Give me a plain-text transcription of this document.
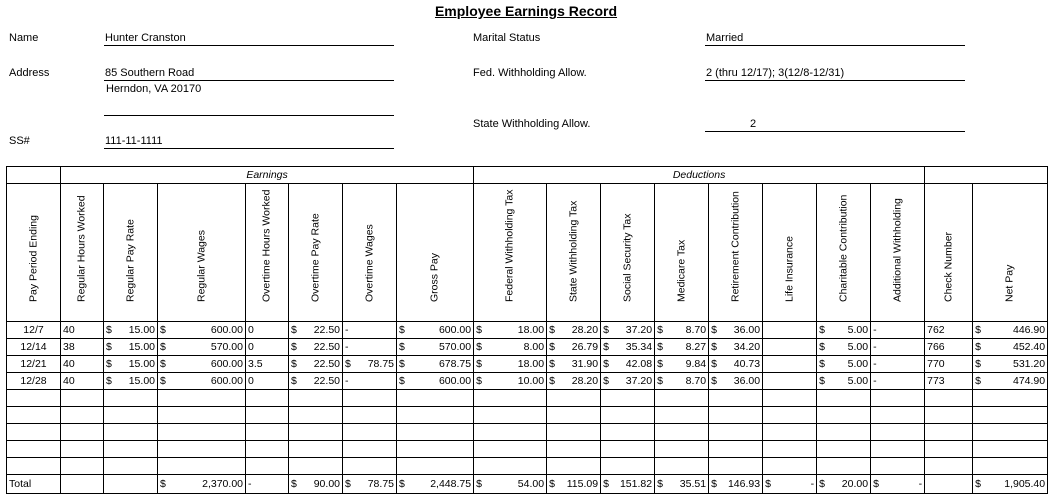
Employee Earnings Record
Name	Hunter Cranston
Address	85 Southern Road
Herndon, VA 20170
SS#	111-11-1111
Marital Status	Married
Fed. Withholding Allow.	2 (thru 12/17); 3(12/8-12/31)
State Withholding Allow.	2
	Earnings							Deductions									

Pay Period Ending	Regular Hours Worked	Regular Pay Rate	Regular Wages	Overtime Hours Worked	Overtime Pay Rate	Overtime Wages	Gross Pay	Federal Withholding Tax	State Withholding Tax	Social Security Tax	Medicare Tax	Retirement Contribution	Life Insurance	Charitable Contribution	Additional Withholding	Check Number	Net Pay

12/7	40	$ 15.00	$ 600.00	0	$ 22.50	-	$ 600.00	$ 18.00	$ 28.20	$ 37.20	$ 8.70	$ 36.00		$ 5.00	-	762	$ 446.90

12/14	38	$ 15.00	$ 570.00	0	$ 22.50	-	$ 570.00	$ 8.00	$ 26.79	$ 35.34	$ 8.27	$ 34.20		$ 5.00	-	766	$ 452.40

12/21	40	$ 15.00	$ 600.00	3.5	$ 22.50	$ 78.75	$ 678.75	$ 18.00	$ 31.90	$ 42.08	$ 9.84	$ 40.73		$ 5.00	-	770	$ 531.20

12/28	40	$ 15.00	$ 600.00	0	$ 22.50	-	$ 600.00	$ 10.00	$ 28.20	$ 37.20	$ 8.70	$ 36.00		$ 5.00	-	773	$ 474.90

Total			$ 2,370.00	-	$ 90.00	$ 78.75	$ 2,448.75	$ 54.00	$ 115.09	$ 151.82	$ 35.51	$ 146.93	$ -	$ 20.00	$ -		$ 1,905.40
